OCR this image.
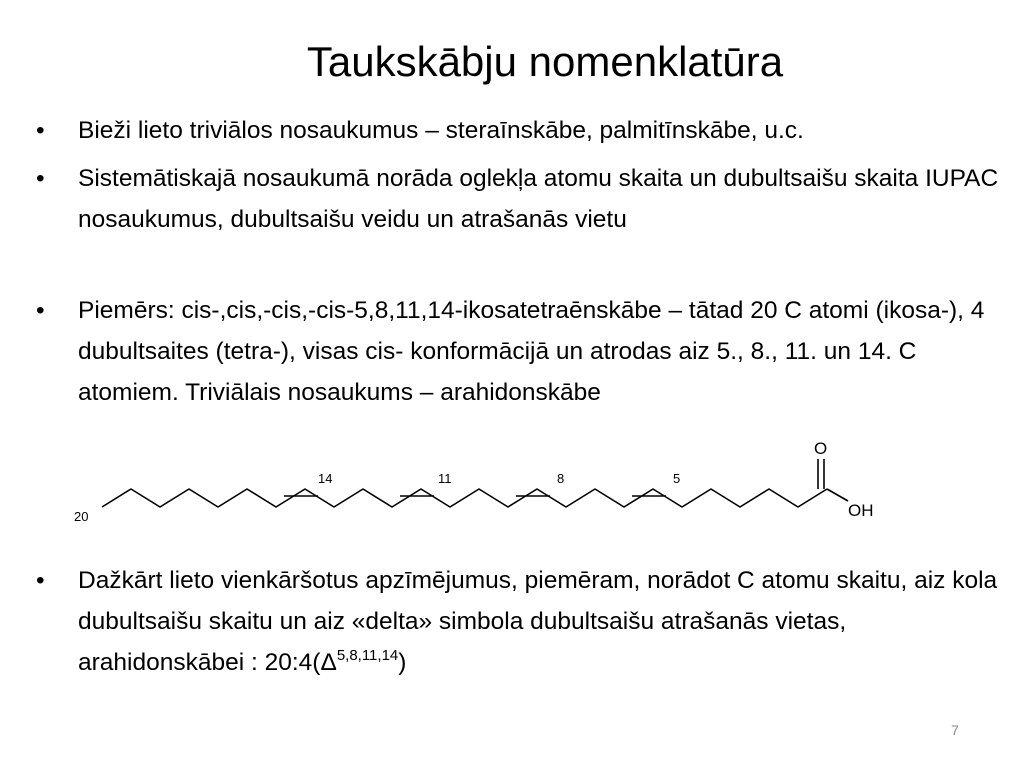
Taukskābju nomenklatūra
• Bieži lieto triviālos nosaukumus – steraīnskābe, palmitīnskābe, u.c.
• Sistemātiskajā nosaukumā norāda oglekļa atomu skaita un dubultsaišu skaita IUPAC nosaukumus, dubultsaišu veidu un atrašanās vietu
• Piemērs: cis-,cis,-cis,-cis-5,8,11,14-ikosatetraēnskābe – tātad 20 C atomi (ikosa-), 4 dubultsaites (tetra-), visas cis- konformācijā un atrodas aiz 5., 8., 11. un 14. C atomiem. Triviālais nosaukums – arahidonskābe
• Dažkārt lieto vienkāršotus apzīmējumus, piemēram, norādot C atomu skaitu, aiz kola dubultsaišu skaitu un aiz «delta» simbola dubultsaišu atrašanās vietas, arahidonskābei : $20:4(\Delta^{5,8,11,14})$
20
14	11	8	5
O
OH
7
